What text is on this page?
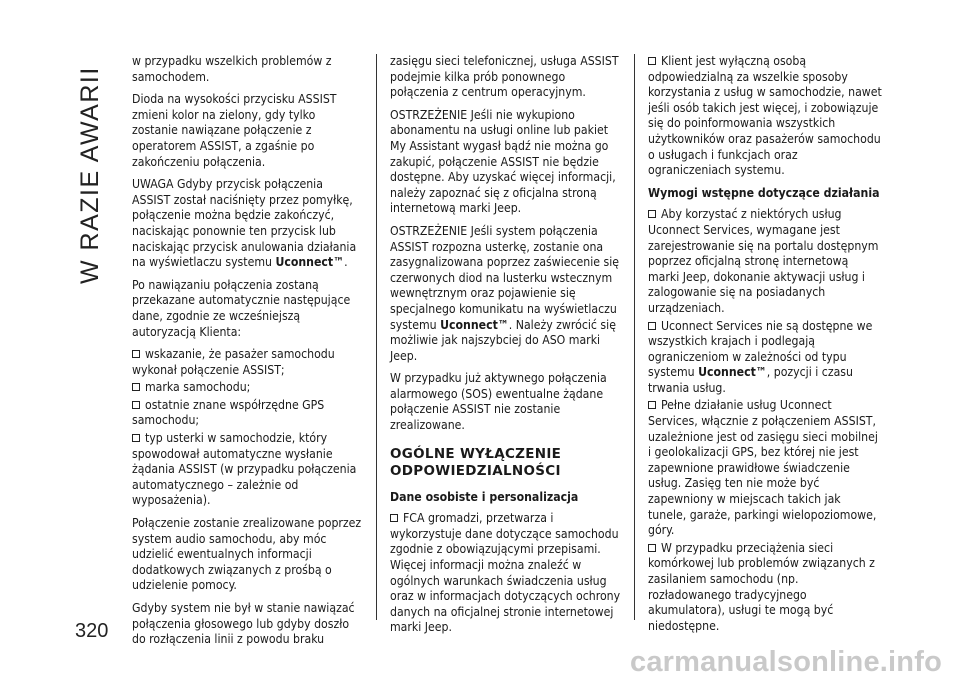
W RAZIE AWARII
320

w przypadku wszelkich problemów z samochodem.

Dioda na wysokości przycisku ASSIST zmieni kolor na zielony, gdy tylko zostanie nawiązane połączenie z operatorem ASSIST, a zgaśnie po zakończeniu połączenia.

UWAGA Gdyby przycisk połączenia ASSIST został naciśnięty przez pomyłkę, połączenie można będzie zakończyć, naciskając ponownie ten przycisk lub naciskając przycisk anulowania działania na wyświetlaczu systemu Uconnect™.

Po nawiązaniu połączenia zostaną przekazane automatycznie następujące dane, zgodnie ze wcześniejszą autoryzacją Klienta:

wskazanie, że pasażer samochodu wykonał połączenie ASSIST;
marka samochodu;
ostatnie znane współrzędne GPS samochodu;
typ usterki w samochodzie, który spowodował automatyczne wysłanie żądania ASSIST (w przypadku połączenia automatycznego – zależnie od wyposażenia).

Połączenie zostanie zrealizowane poprzez system audio samochodu, aby móc udzielić ewentualnych informacji dodatkowych związanych z prośbą o udzielenie pomocy.

Gdyby system nie był w stanie nawiązać połączenia głosowego lub gdyby doszło do rozłączenia linii z powodu braku

zasięgu sieci telefonicznej, usługa ASSIST podejmie kilka prób ponownego połączenia z centrum operacyjnym.

OSTRZEŻENIE Jeśli nie wykupiono abonamentu na usługi online lub pakiet My Assistant wygasł bądź nie można go zakupić, połączenie ASSIST nie będzie dostępne. Aby uzyskać więcej informacji, należy zapoznać się z oficjalna stroną internetową marki Jeep.

OSTRZEŻENIE Jeśli system połączenia ASSIST rozpozna usterkę, zostanie ona zasygnalizowana poprzez zaświecenie się czerwonych diod na lusterku wstecznym wewnętrznym oraz pojawienie się specjalnego komunikatu na wyświetlaczu systemu Uconnect™. Należy zwrócić się możliwie jak najszybciej do ASO marki Jeep.

W przypadku już aktywnego połączenia alarmowego (SOS) ewentualne żądane połączenie ASSIST nie zostanie zrealizowane.

OGÓLNE WYŁĄCZENIE ODPOWIEDZIALNOŚCI
Dane osobiste i personalizacja
FCA gromadzi, przetwarza i wykorzystuje dane dotyczące samochodu zgodnie z obowiązującymi przepisami. Więcej informacji można znaleźć w ogólnych warunkach świadczenia usług oraz w informacjach dotyczących ochrony danych na oficjalnej stronie internetowej marki Jeep.
Klient jest wyłączną osobą odpowiedzialną za wszelkie sposoby korzystania z usług w samochodzie, nawet jeśli osób takich jest więcej, i zobowiązuje się do poinformowania wszystkich użytkowników oraz pasażerów samochodu o usługach i funkcjach oraz ograniczeniach systemu.
Wymogi wstępne dotyczące działania
Aby korzystać z niektórych usług Uconnect Services, wymagane jest zarejestrowanie się na portalu dostępnym poprzez oficjalną stronę internetową marki Jeep, dokonanie aktywacji usług i zalogowanie się na posiadanych urządzeniach.
Uconnect Services nie są dostępne we wszystkich krajach i podlegają ograniczeniom w zależności od typu systemu Uconnect™, pozycji i czasu trwania usług.
Pełne działanie usług Uconnect Services, włącznie z połączeniem ASSIST, uzależnione jest od zasięgu sieci mobilnej i geolokalizacji GPS, bez której nie jest zapewnione prawidłowe świadczenie usług. Zasięg ten nie może być zapewniony w miejscach takich jak tunele, garaże, parkingi wielopoziomowe, góry.
W przypadku przeciążenia sieci komórkowej lub problemów związanych z zasilaniem samochodu (np. rozładowanego tradycyjnego akumulatora), usługi te mogą być niedostępne.
carmanualsonline.info
